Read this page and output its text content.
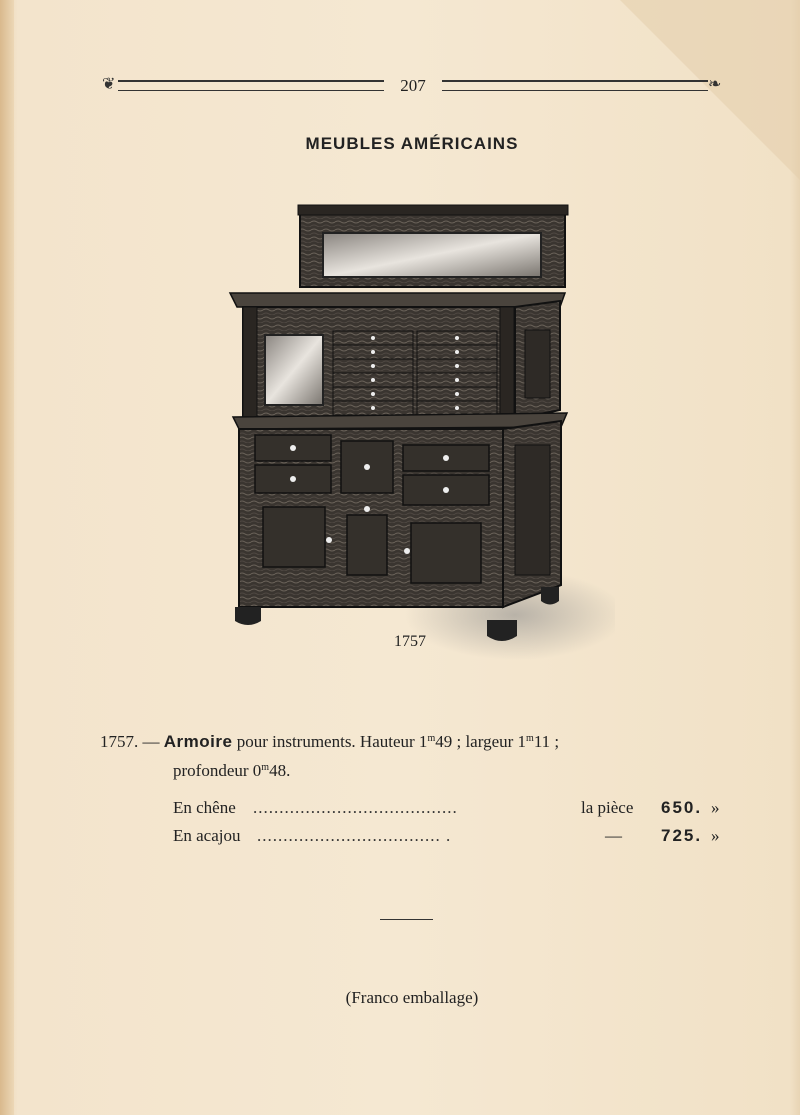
❦	207	❧
MEUBLES AMÉRICAINS
1757
1757. — Armoire pour instruments. Hauteur 1$^m$49 ; largeur 1$^m$11 ;
profondeur 0$^m$48.
En chêne .......................................	la pièce 650. »
En acajou ................................... .	— 725. »
(Franco emballage)
